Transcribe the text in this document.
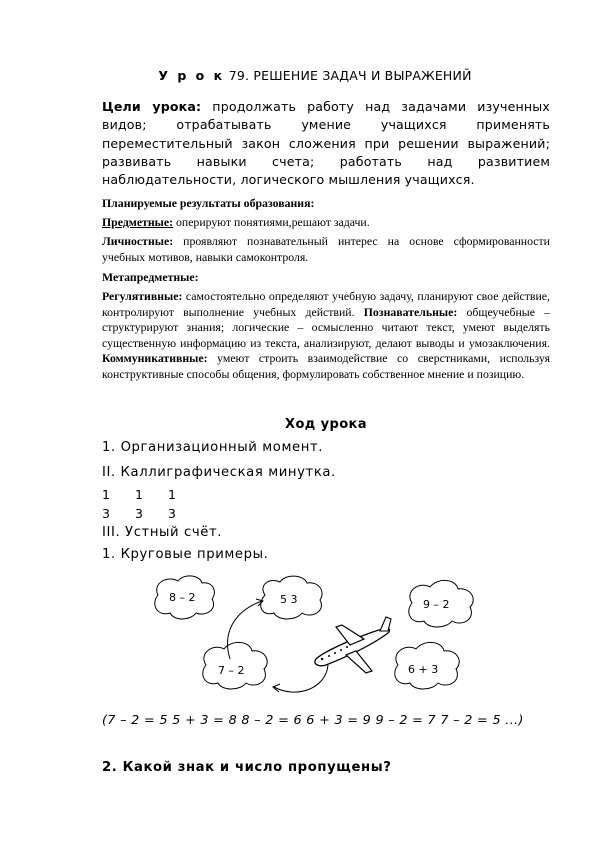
У р о к 79. РЕШЕНИЕ ЗАДАЧ И ВЫРАЖЕНИЙ
Цели урока: продолжать работу над задачами изученных видов; отрабатывать умение учащихся применять переместительный закон сложения при решении выражений; развивать навыки счета; работать над развитием наблюдательности, логического мышления учащихся.
Планируемые результаты образования:
Предметные: оперируют понятиями,решают задачи.
Личностные: проявляют познавательный интерес на основе сформированности учебных мотивов, навыки самоконтроля.
Метапредметные:
Регулятивные: самостоятельно определяют учебную задачу, планируют свое действие, контролируют выполнение учебных действий. Познавательные: общеучебные – структурируют знания; логические – осмысленно читают текст, умеют выделять существенную информацию из текста, анализируют, делают выводы и умозаключения. Коммуникативные: умеют строить взаимодействие со сверстниками, используя конструктивные способы общения, формулировать собственное мнение и позицию.
Ход урока
1. Организационный момент.
II. Каллиграфическая минутка.
1 1 1
3 3 3
III. Устный счёт.
1. Круговые примеры.
8 – 2	5 3	9 – 2
7 – 2	6 + 3
(7 – 2 = 5 5 + 3 = 8 8 – 2 = 6 6 + 3 = 9 9 – 2 = 7 7 – 2 = 5 ...)
2. Какой знак и число пропущены?
